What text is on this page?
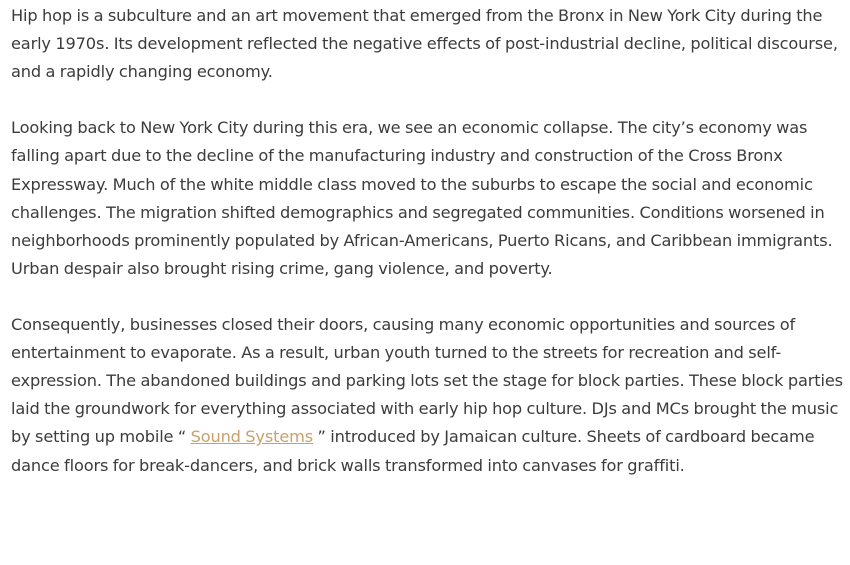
Hip hop is a subculture and an art movement that emerged from the Bronx in New York City during the early 1970s. Its development reflected the negative effects of post-industrial decline, political discourse, and a rapidly changing economy.

Looking back to New York City during this era, we see an economic collapse. The city’s economy was falling apart due to the decline of the manufacturing industry and construction of the Cross Bronx Expressway. Much of the white middle class moved to the suburbs to escape the social and economic challenges. The migration shifted demographics and segregated communities. Conditions worsened in neighborhoods prominently populated by African-Americans, Puerto Ricans, and Caribbean immigrants. Urban despair also brought rising crime, gang violence, and poverty.

Consequently, businesses closed their doors, causing many economic opportunities and sources of entertainment to evaporate. As a result, urban youth turned to the streets for recreation and self-expression. The abandoned buildings and parking lots set the stage for block parties. These block parties laid the groundwork for everything associated with early hip hop culture. DJs and MCs brought the music by setting up mobile “ Sound Systems ” introduced by Jamaican culture. Sheets of cardboard became dance floors for break-dancers, and brick walls transformed into canvases for graffiti.
